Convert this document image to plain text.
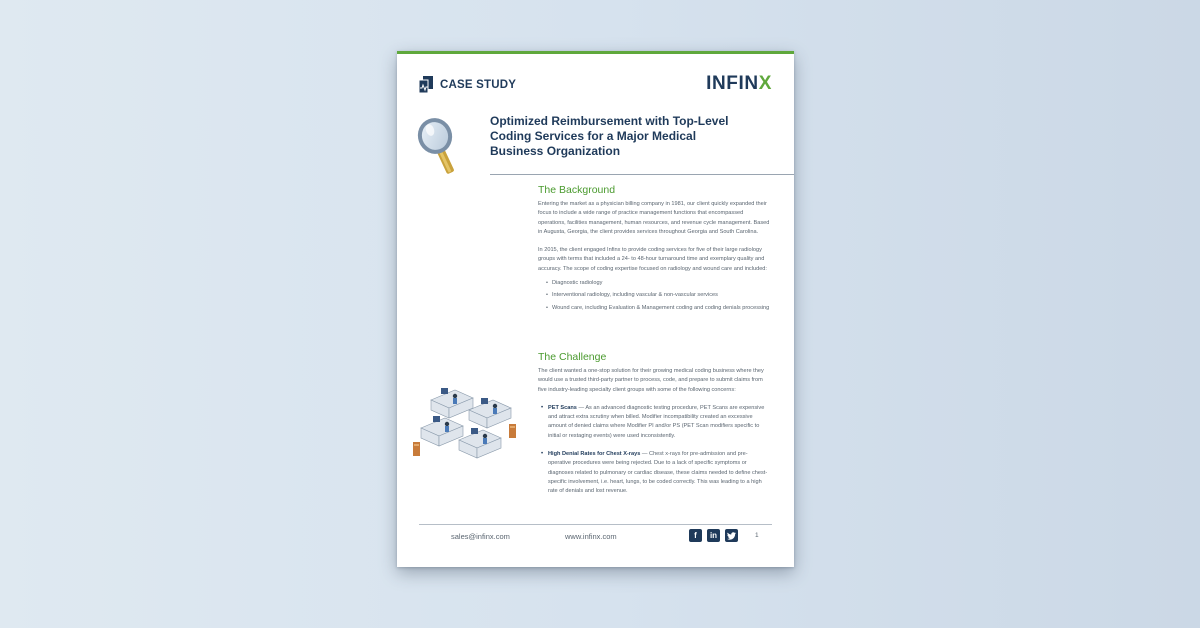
CASE STUDY	INFINX
Optimized Reimbursement with Top-Level Coding Services for a Major Medical Business Organization
The Background
Entering the market as a physician billing company in 1981, our client quickly expanded their focus to include a wide range of practice management functions that encompassed operations, facilities management, human resources, and revenue cycle management. Based in Augusta, Georgia, the client provides services throughout Georgia and South Carolina.
In 2015, the client engaged Infinx to provide coding services for five of their large radiology groups with terms that included a 24- to 48-hour turnaround time and exemplary quality and accuracy. The scope of coding expertise focused on radiology and wound care and included:
• Diagnostic radiology
• Interventional radiology, including vascular & non-vascular services
• Wound care, including Evaluation & Management coding and coding denials processing
The Challenge
The client wanted a one-stop solution for their growing medical coding business where they would use a trusted third-party partner to process, code, and prepare to submit claims from five industry-leading specialty client groups with some of the following concerns:
• PET Scans — As an advanced diagnostic testing procedure, PET Scans are expensive and attract extra scrutiny when billed. Modifier incompatibility created an excessive amount of denied claims where Modifier PI and/or PS (PET Scan modifiers specific to initial or restaging events) were used inconsistently.
• High Denial Rates for Chest X-rays — Chest x-rays for pre-admission and pre-operative procedures were being rejected. Due to a lack of specific symptoms or diagnoses related to pulmonary or cardiac disease, these claims needed to define chest-specific involvement, i.e. heart, lungs, to be coded correctly. This was leading to a high rate of denials and lost revenue.
sales@infinx.com	www.infinx.com	f	in	1
